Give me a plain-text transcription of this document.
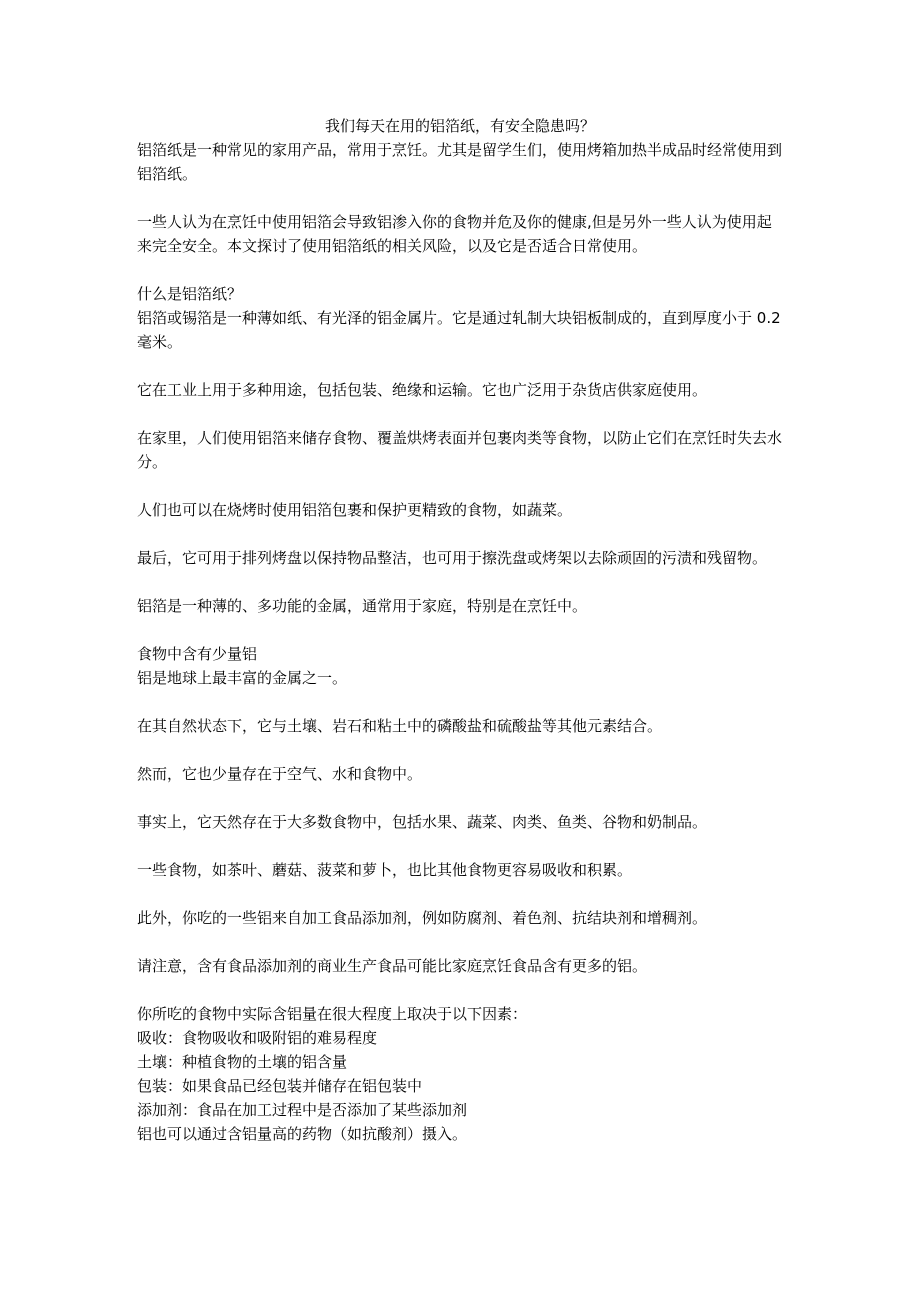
我们每天在用的铝箔纸，有安全隐患吗？

铝箔纸是一种常见的家用产品，常用于烹饪。尤其是留学生们，使用烤箱加热半成品时经常使用到铝箔纸。

一些人认为在烹饪中使用铝箔会导致铝渗入你的食物并危及你的健康,但是另外一些人认为使用起来完全安全。本文探讨了使用铝箔纸的相关风险，以及它是否适合日常使用。

什么是铝箔纸？

铝箔或锡箔是一种薄如纸、有光泽的铝金属片。它是通过轧制大块铝板制成的，直到厚度小于 0.2 毫米。

它在工业上用于多种用途，包括包装、绝缘和运输。它也广泛用于杂货店供家庭使用。

在家里，人们使用铝箔来储存食物、覆盖烘烤表面并包裹肉类等食物，以防止它们在烹饪时失去水分。

人们也可以在烧烤时使用铝箔包裹和保护更精致的食物，如蔬菜。

最后，它可用于排列烤盘以保持物品整洁，也可用于擦洗盘或烤架以去除顽固的污渍和残留物。

铝箔是一种薄的、多功能的金属，通常用于家庭，特别是在烹饪中。

食物中含有少量铝

铝是地球上最丰富的金属之一。

在其自然状态下，它与土壤、岩石和粘土中的磷酸盐和硫酸盐等其他元素结合。

然而，它也少量存在于空气、水和食物中。

事实上，它天然存在于大多数食物中，包括水果、蔬菜、肉类、鱼类、谷物和奶制品。

一些食物，如茶叶、蘑菇、菠菜和萝卜，也比其他食物更容易吸收和积累。

此外，你吃的一些铝来自加工食品添加剂，例如防腐剂、着色剂、抗结块剂和增稠剂。

请注意，含有食品添加剂的商业生产食品可能比家庭烹饪食品含有更多的铝。

你所吃的食物中实际含铝量在很大程度上取决于以下因素：

吸收：食物吸收和吸附铝的难易程度

土壤：种植食物的土壤的铝含量

包装：如果食品已经包装并储存在铝包装中

添加剂：食品在加工过程中是否添加了某些添加剂

铝也可以通过含铝量高的药物（如抗酸剂）摄入。
